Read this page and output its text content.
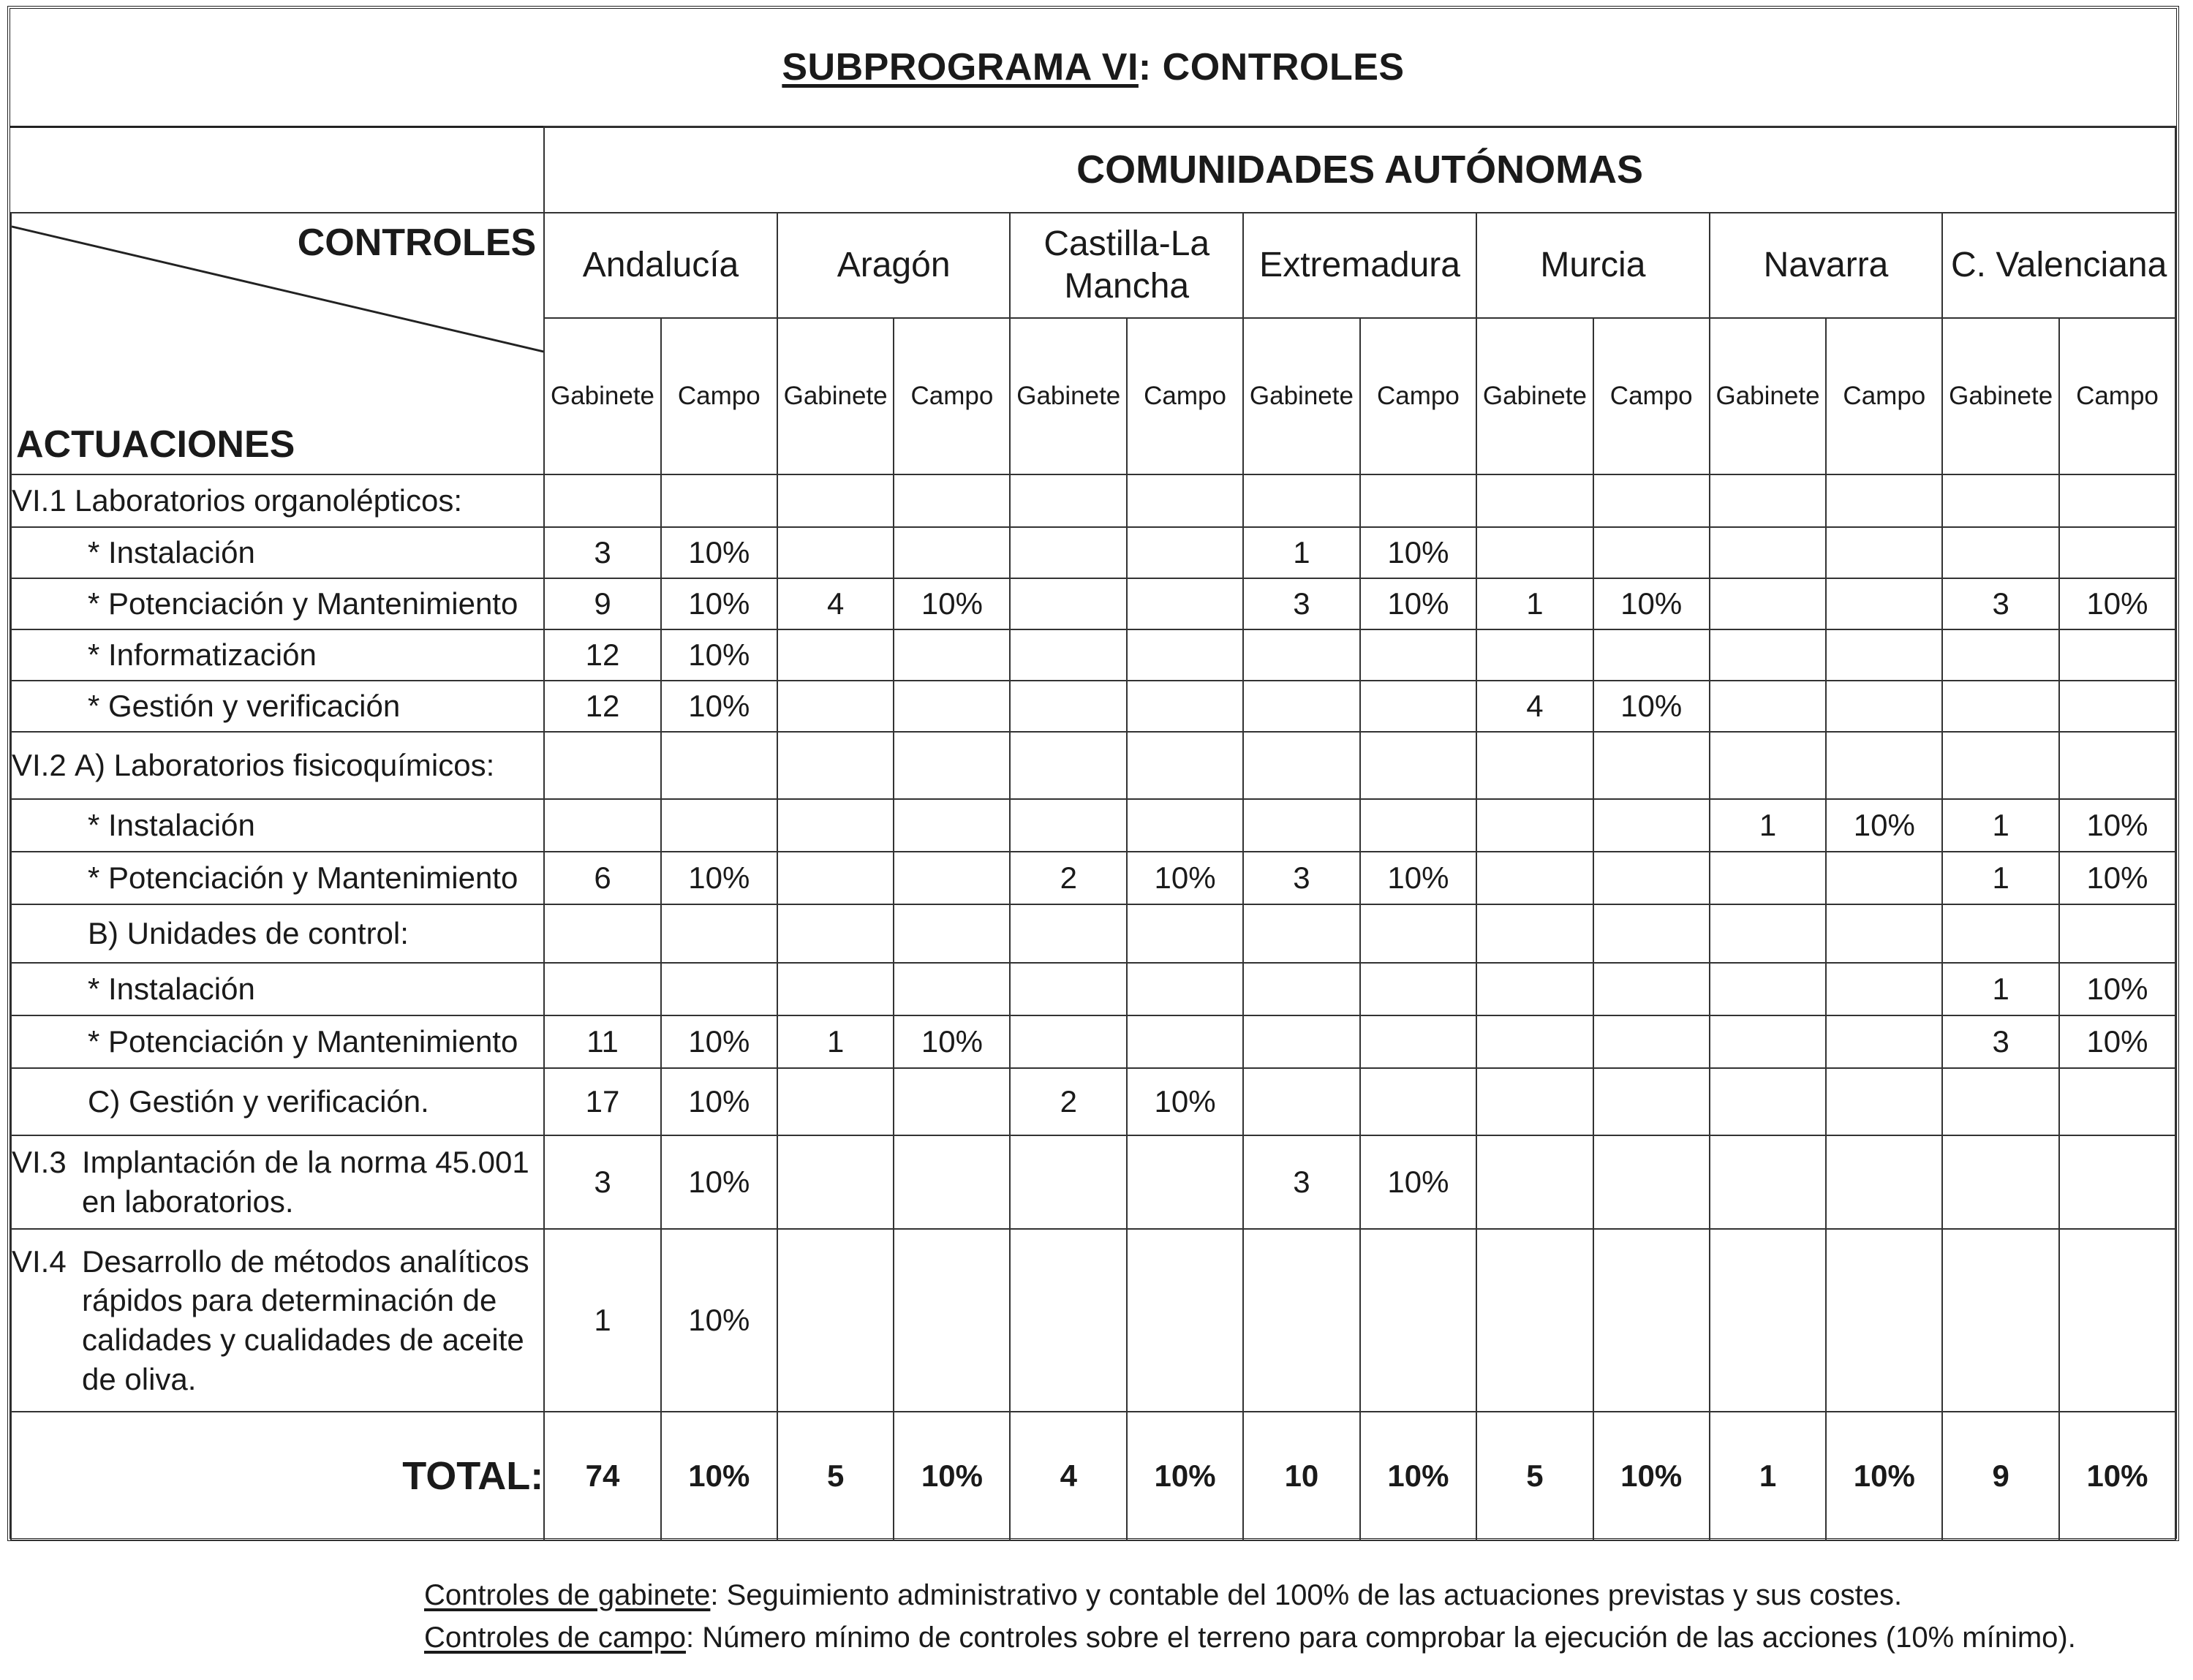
SUBPROGRAMA VI: CONTROLES
	COMUNIDADES AUTÓNOMAS													

CONTROLES
ACTUACIONES	Andalucía		Aragón		Castilla-La Mancha		Extremadura		Murcia		Navarra		C. Valenciana	
	Gabinete	Campo	Gabinete	Campo	Gabinete	Campo	Gabinete	Campo	Gabinete	Campo	Gabinete	Campo	Gabinete	Campo
VI.1 Laboratorios organolépticos:														
* Instalación	3	10%					1	10%						
* Potenciación y Mantenimiento	9	10%	4	10%			3	10%	1	10%			3	10%
* Informatización	12	10%												
* Gestión y verificación	12	10%							4	10%				
VI.2 A) Laboratorios fisicoquímicos:														
* Instalación											1	10%	1	10%
* Potenciación y Mantenimiento	6	10%			2	10%	3	10%					1	10%
B) Unidades de control:														
* Instalación													1	10%
* Potenciación y Mantenimiento	11	10%	1	10%									3	10%
C) Gestión y verificación.	17	10%			2	10%								

VI.3 Implantación de la norma 45.001 en laboratorios.	3	10%					3	10%						

VI.4 Desarrollo de métodos analíticos rápidos para determinación de calidades y cualidades de aceite de oliva.	1	10%												
TOTAL:	74	10%	5	10%	4	10%	10	10%	5	10%	1	10%	9	10%
Controles de gabinete: Seguimiento administrativo y contable del 100% de las actuaciones previstas y sus costes.
Controles de campo: Número mínimo de controles sobre el terreno para comprobar la ejecución de las acciones (10% mínimo).
